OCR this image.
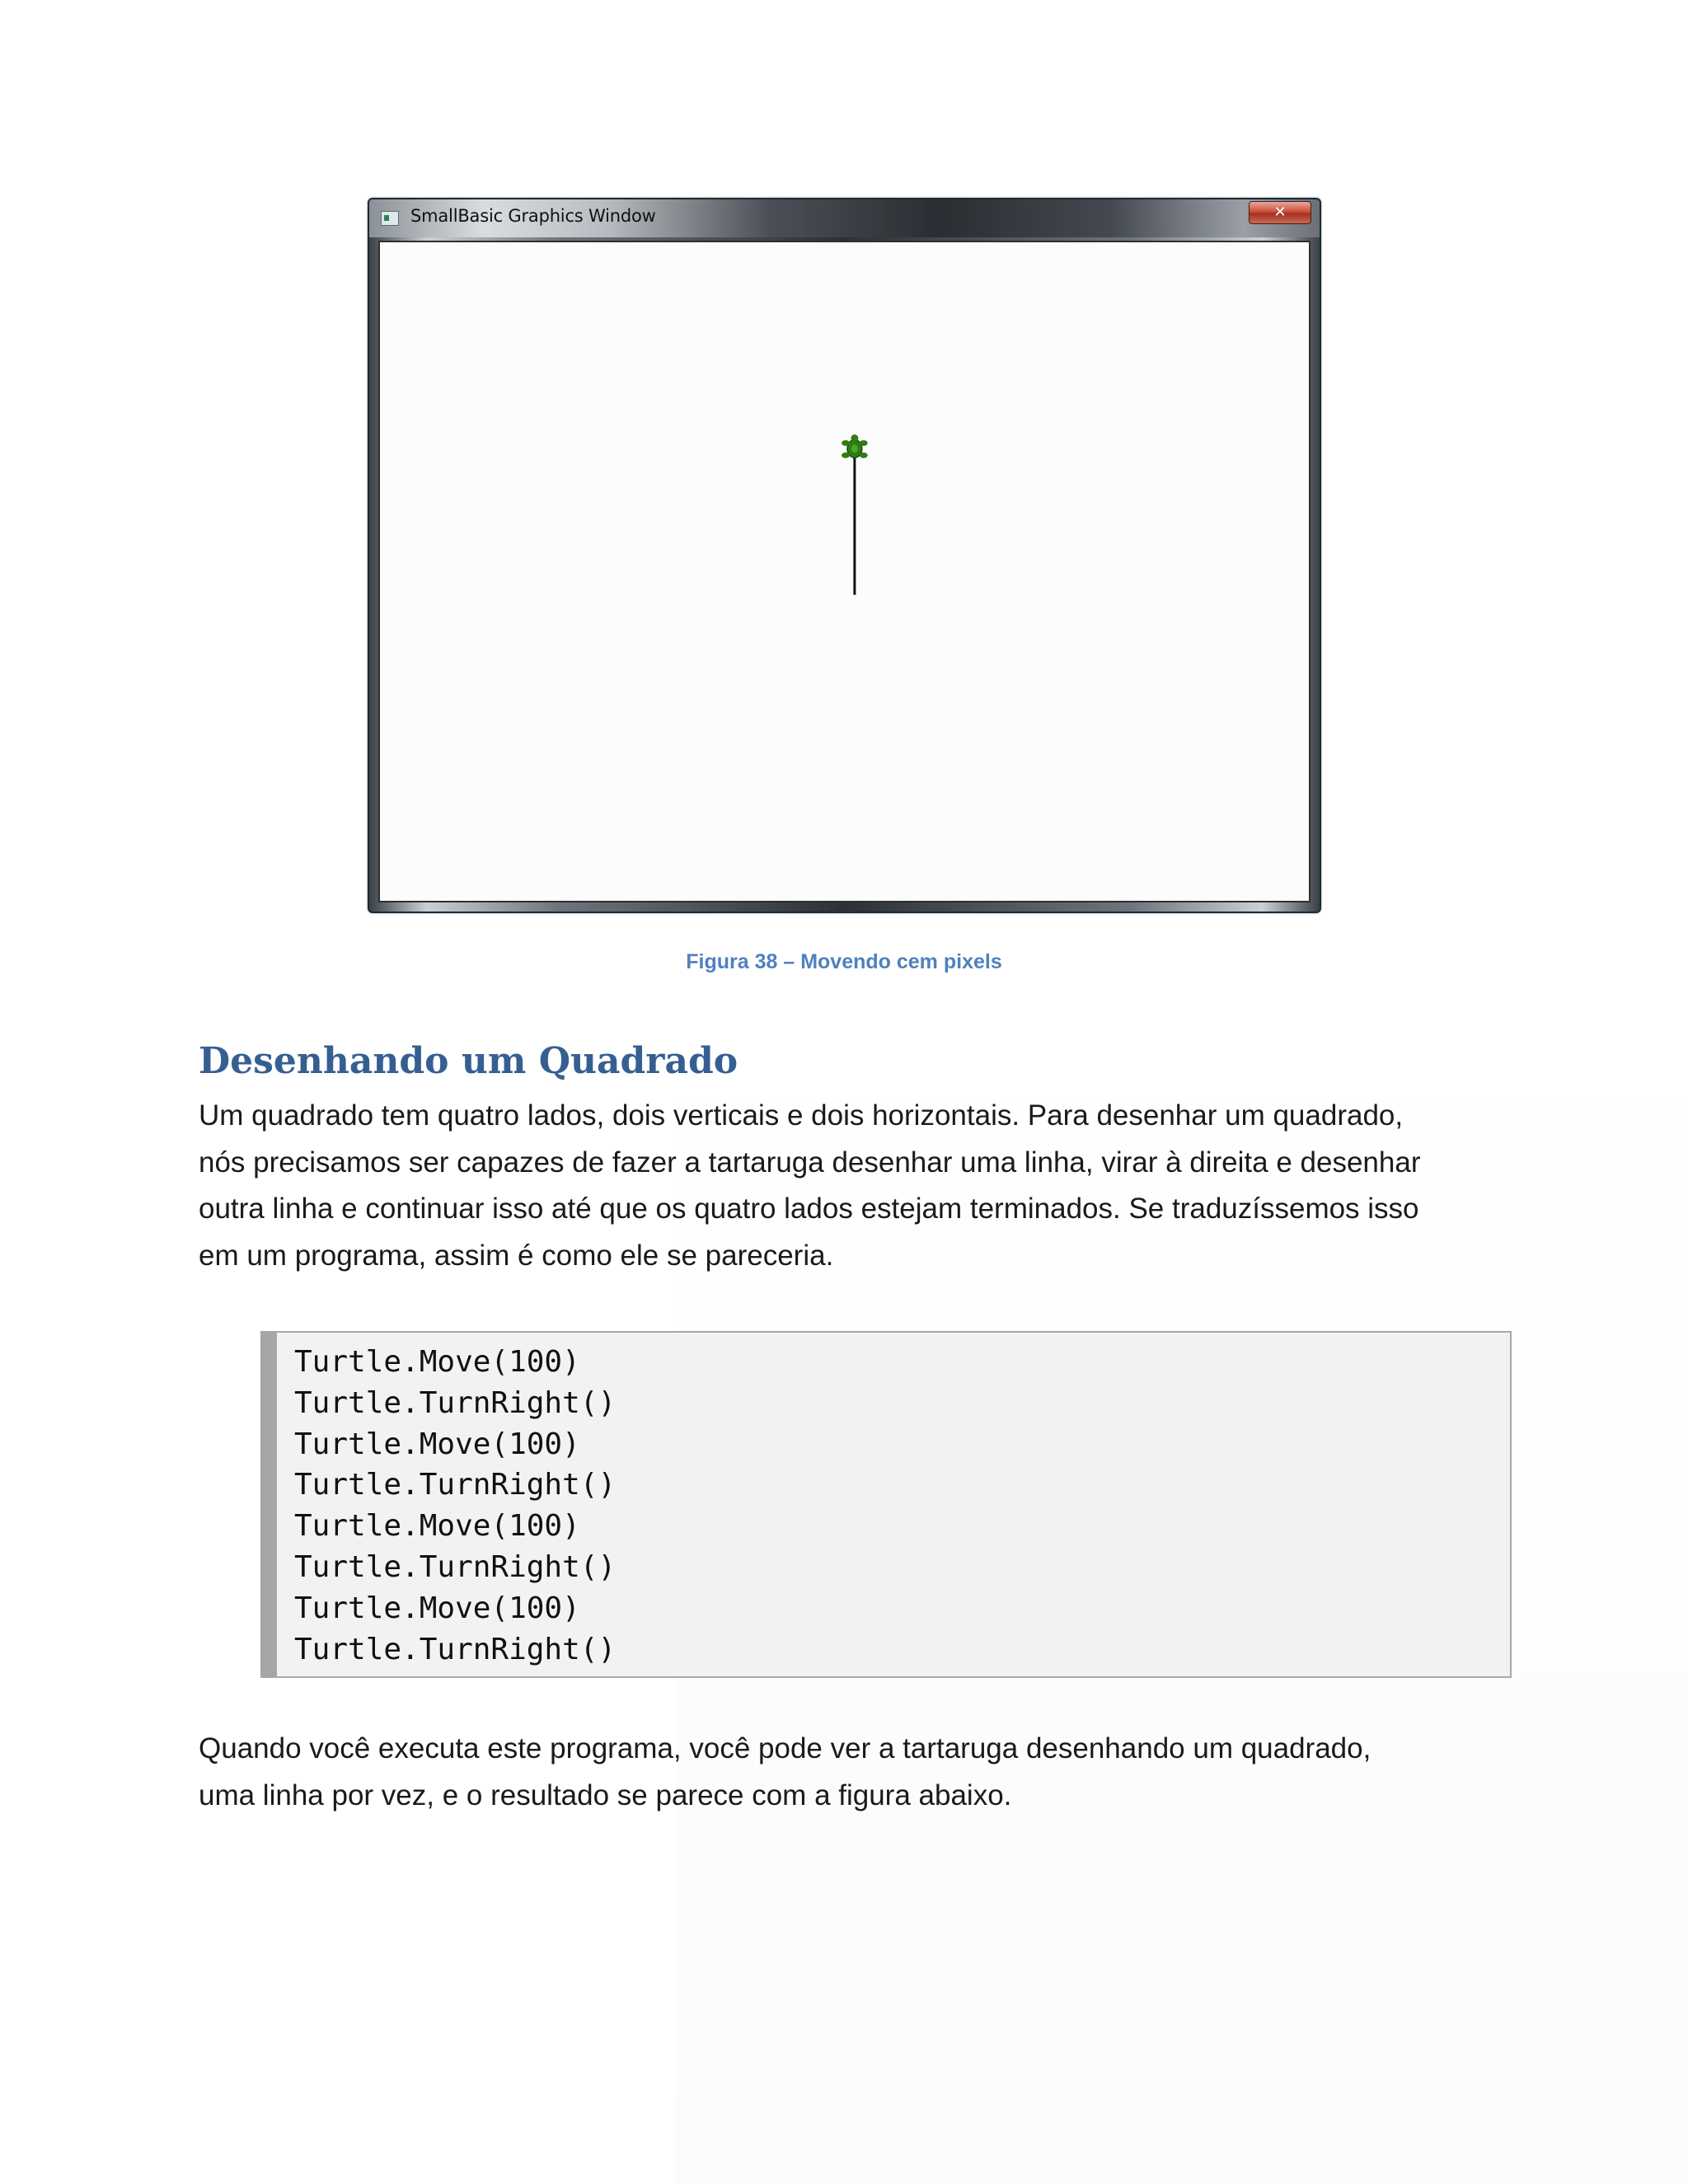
SmallBasic Graphics Window	✕
Figura 38 – Movendo cem pixels
Desenhando um Quadrado
Um quadrado tem quatro lados, dois verticais e dois horizontais. Para desenhar um quadrado,
nós precisamos ser capazes de fazer a tartaruga desenhar uma linha, virar à direita e desenhar
outra linha e continuar isso até que os quatro lados estejam terminados. Se traduzíssemos isso
em um programa, assim é como ele se pareceria.
Turtle.Move(100)
Turtle.TurnRight()
Turtle.Move(100)
Turtle.TurnRight()
Turtle.Move(100)
Turtle.TurnRight()
Turtle.Move(100)
Turtle.TurnRight()
Quando você executa este programa, você pode ver a tartaruga desenhando um quadrado,
uma linha por vez, e o resultado se parece com a figura abaixo.
